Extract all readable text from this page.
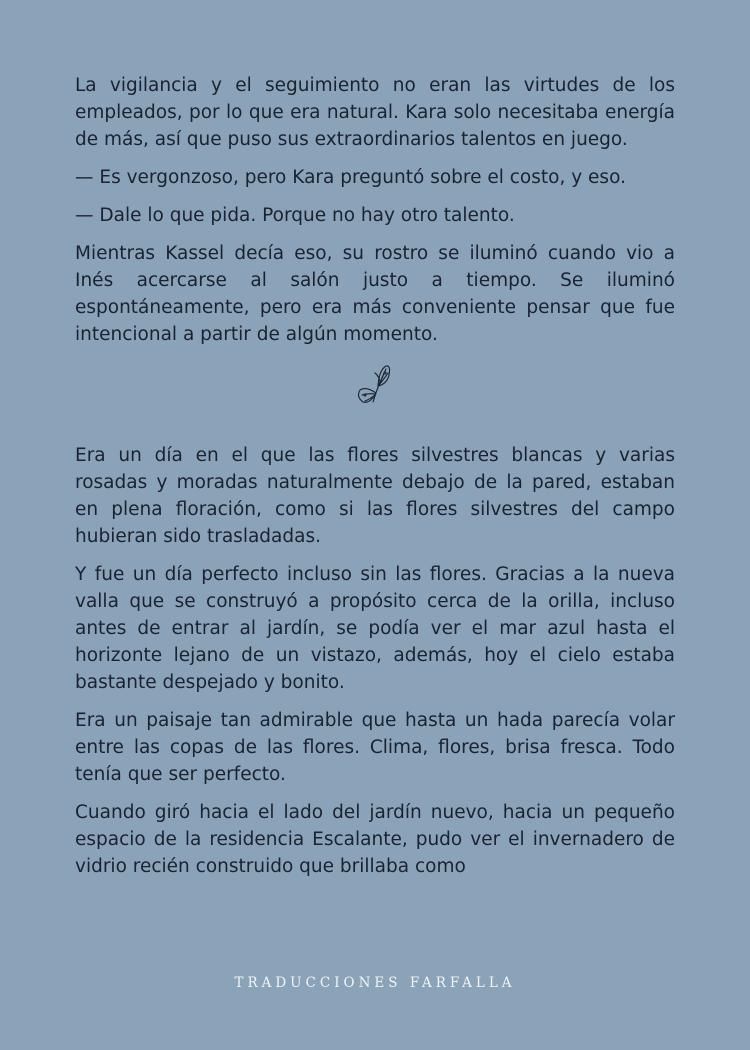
La vigilancia y el seguimiento no eran las virtudes de los empleados, por lo que era natural. Kara solo necesitaba energía de más, así que puso sus extraordinarios talentos en juego.

— Es vergonzoso, pero Kara preguntó sobre el costo, y eso.

— Dale lo que pida. Porque no hay otro talento.

Mientras Kassel decía eso, su rostro se iluminó cuando vio a Inés acercarse al salón justo a tiempo. Se iluminó espontáneamente, pero era más conveniente pensar que fue intencional a partir de algún momento.

Era un día en el que las flores silvestres blancas y varias rosadas y moradas naturalmente debajo de la pared, estaban en plena floración, como si las flores silvestres del campo hubieran sido trasladadas.

Y fue un día perfecto incluso sin las flores. Gracias a la nueva valla que se construyó a propósito cerca de la orilla, incluso antes de entrar al jardín, se podía ver el mar azul hasta el horizonte lejano de un vistazo, además, hoy el cielo estaba bastante despejado y bonito.

Era un paisaje tan admirable que hasta un hada parecía volar entre las copas de las flores. Clima, flores, brisa fresca. Todo tenía que ser perfecto.

Cuando giró hacia el lado del jardín nuevo, hacia un pequeño espacio de la residencia Escalante, pudo ver el invernadero de vidrio recién construido que brillaba como

TRADUCCIONES FARFALLA
